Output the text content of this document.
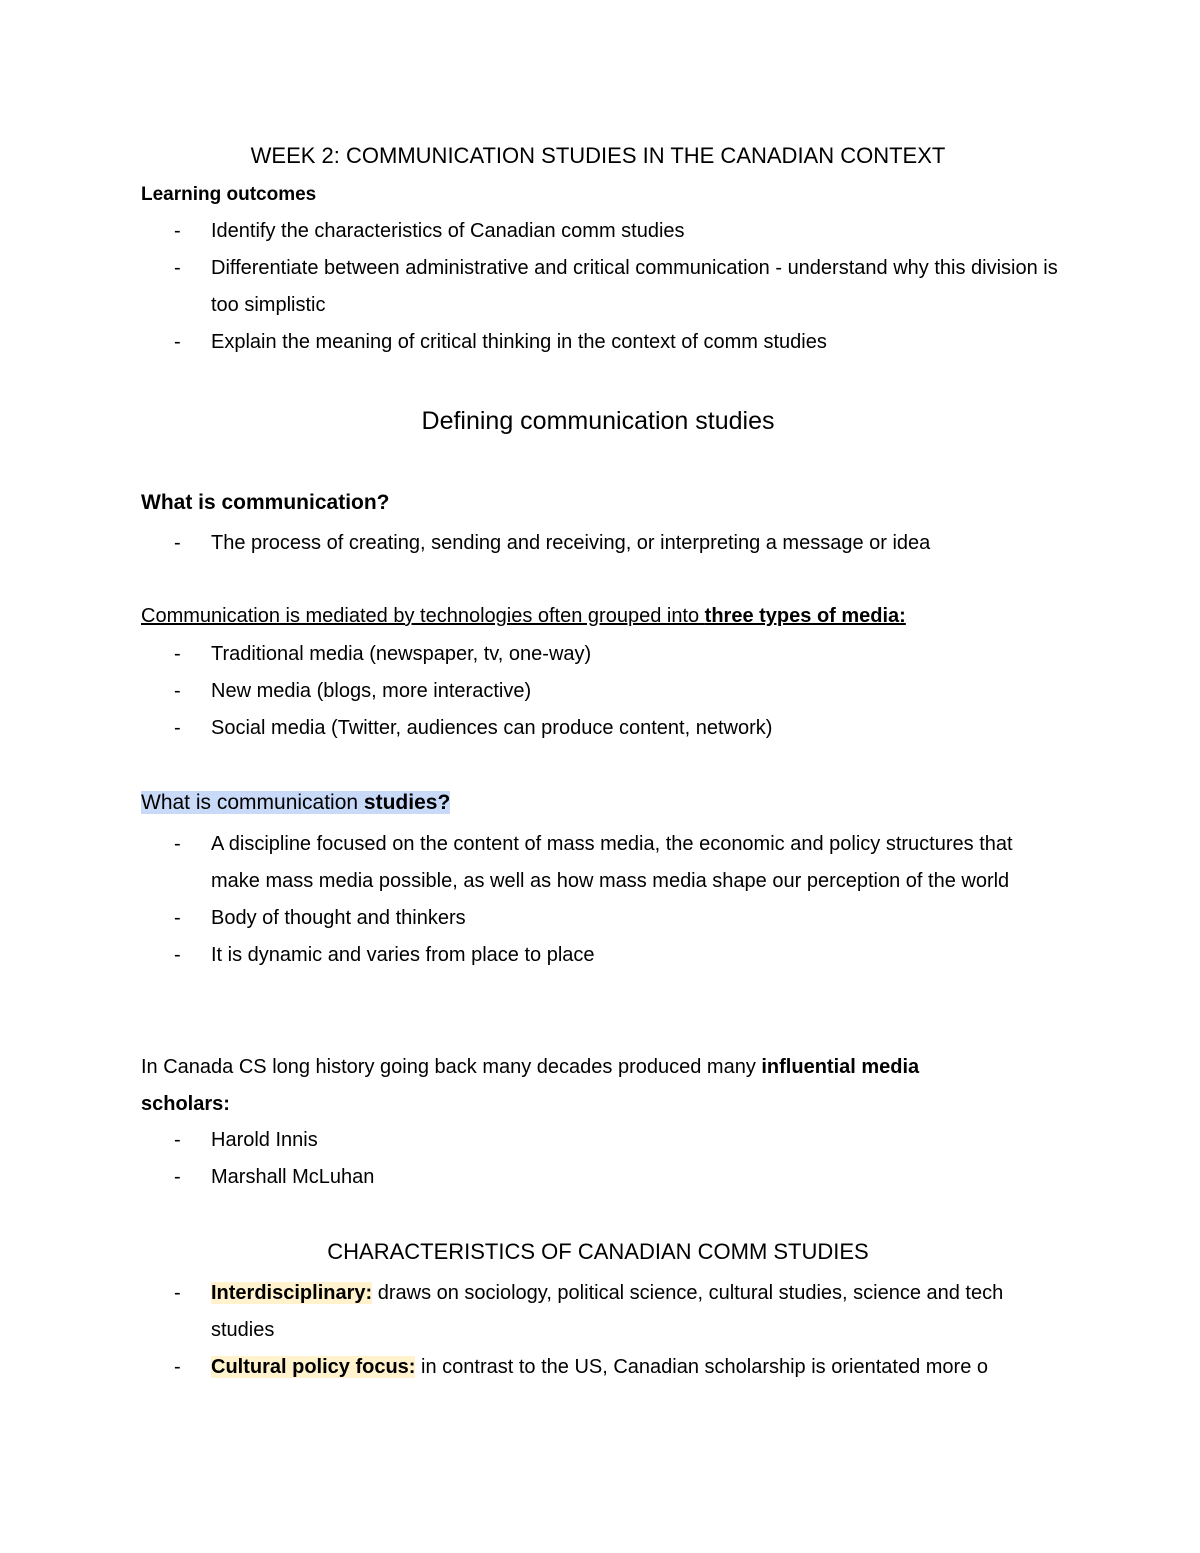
WEEK 2: COMMUNICATION STUDIES IN THE CANADIAN CONTEXT
Learning outcomes
- Identify the characteristics of Canadian comm studies
- Differentiate between administrative and critical communication - understand why this division is too simplistic
- Explain the meaning of critical thinking in the context of comm studies
Defining communication studies
What is communication?
- The process of creating, sending and receiving, or interpreting a message or idea
Communication is mediated by technologies often grouped into three types of media:
- Traditional media (newspaper, tv, one-way)
- New media (blogs, more interactive)
- Social media (Twitter, audiences can produce content, network)
What is communication studies?
- A discipline focused on the content of mass media, the economic and policy structures that make mass media possible, as well as how mass media shape our perception of the world
- Body of thought and thinkers
- It is dynamic and varies from place to place
In Canada CS long history going back many decades produced many influential media scholars:
- Harold Innis
- Marshall McLuhan
CHARACTERISTICS OF CANADIAN COMM STUDIES
- Interdisciplinary: draws on sociology, political science, cultural studies, science and tech studies
- Cultural policy focus: in contrast to the US, Canadian scholarship is orientated more o
